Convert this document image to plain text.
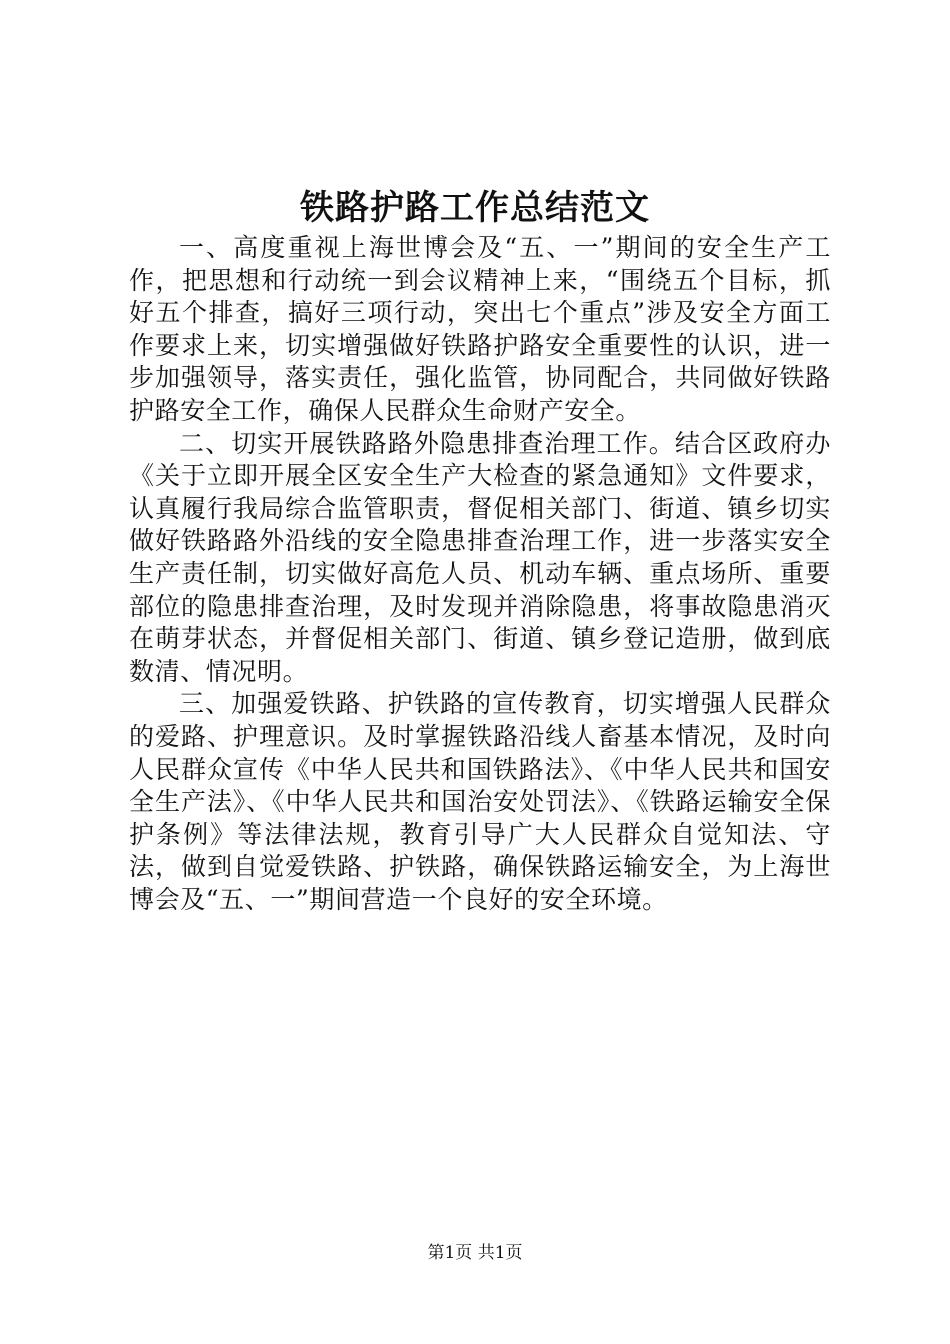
铁路护路工作总结范文

一、高度重视上海世博会及“五、一”期间的安全生产工作，把思想和行动统一到会议精神上来，“围绕五个目标，抓好五个排查，搞好三项行动，突出七个重点”涉及安全方面工作要求上来，切实增强做好铁路护路安全重要性的认识，进一步加强领导，落实责任，强化监管，协同配合，共同做好铁路护路安全工作，确保人民群众生命财产安全。

二、切实开展铁路路外隐患排查治理工作。结合区政府办《关于立即开展全区安全生产大检查的紧急通知》文件要求，认真履行我局综合监管职责，督促相关部门、街道、镇乡切实做好铁路路外沿线的安全隐患排查治理工作，进一步落实安全生产责任制，切实做好高危人员、机动车辆、重点场所、重要部位的隐患排查治理，及时发现并消除隐患，将事故隐患消灭在萌芽状态，并督促相关部门、街道、镇乡登记造册，做到底数清、情况明。

三、加强爱铁路、护铁路的宣传教育，切实增强人民群众的爱路、护理意识。及时掌握铁路沿线人畜基本情况，及时向人民群众宣传《中华人民共和国铁路法》、《中华人民共和国安全生产法》、《中华人民共和国治安处罚法》、《铁路运输安全保护条例》等法律法规，教育引导广大人民群众自觉知法、守法，做到自觉爱铁路、护铁路，确保铁路运输安全，为上海世博会及“五、一”期间营造一个良好的安全环境。

第1页 共1页
